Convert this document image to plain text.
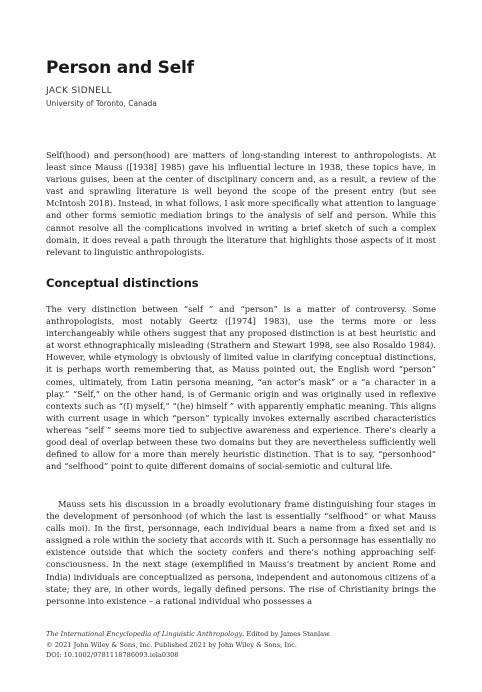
Person and Self
JACK SIDNELL
University of Toronto, Canada

Self(hood) and person(hood) are matters of long-standing interest to anthropologists. At least since Mauss ([1938] 1985) gave his influential lecture in 1938, these topics have, in various guises, been at the center of disciplinary concern and, as a result, a review of the vast and sprawling literature is well beyond the scope of the present entry (but see McIntosh 2018). Instead, in what follows, I ask more specifically what attention to language and other forms semiotic mediation brings to the analysis of self and person. While this cannot resolve all the complications involved in writing a brief sketch of such a complex domain, it does reveal a path through the literature that highlights those aspects of it most relevant to linguistic anthropologists.

Conceptual distinctions

The very distinction between “self ” and “person” is a matter of controversy. Some anthropologists, most notably Geertz ([1974] 1983), use the terms more or less interchangeably while others suggest that any proposed distinction is at best heuristic and at worst ethnographically misleading (Strathern and Stewart 1998, see also Rosaldo 1984). However, while etymology is obviously of limited value in clarifying conceptual distinctions, it is perhaps worth remembering that, as Mauss pointed out, the English word “person” comes, ultimately, from Latin persona meaning, “an actor’s mask” or a “a character in a play.” “Self,” on the other hand, is of Germanic origin and was originally used in reflexive contexts such as “(I) myself,” “(he) himself ” with apparently emphatic meaning. This aligns with current usage in which “person” typically invokes externally ascribed characteristics whereas “self ” seems more tied to subjective awareness and experience. There’s clearly a good deal of overlap between these two domains but they are nevertheless sufficiently well defined to allow for a more than merely heuristic distinction. That is to say, “personhood” and “selfhood” point to quite different domains of social-semiotic and cultural life.

Mauss sets his discussion in a broadly evolutionary frame distinguishing four stages in the development of personhood (of which the last is essentially “selfhood” or what Mauss calls moi). In the first, personnage, each individual bears a name from a fixed set and is assigned a role within the society that accords with it. Such a personnage has essentially no existence outside that which the society confers and there’s nothing approaching self-consciousness. In the next stage (exemplified in Mauss’s treatment by ancient Rome and India) individuals are conceptualized as persona, independent and autonomous citizens of a state; they are, in other words, legally defined persons. The rise of Christianity brings the personne into existence – a rational individual who possesses a

The International Encyclopedia of Linguistic Anthropology. Edited by James Stanlaw.
© 2021 John Wiley & Sons, Inc. Published 2021 by John Wiley & Sons, Inc.
DOI: 10.1002/9781118786093.iela0308
